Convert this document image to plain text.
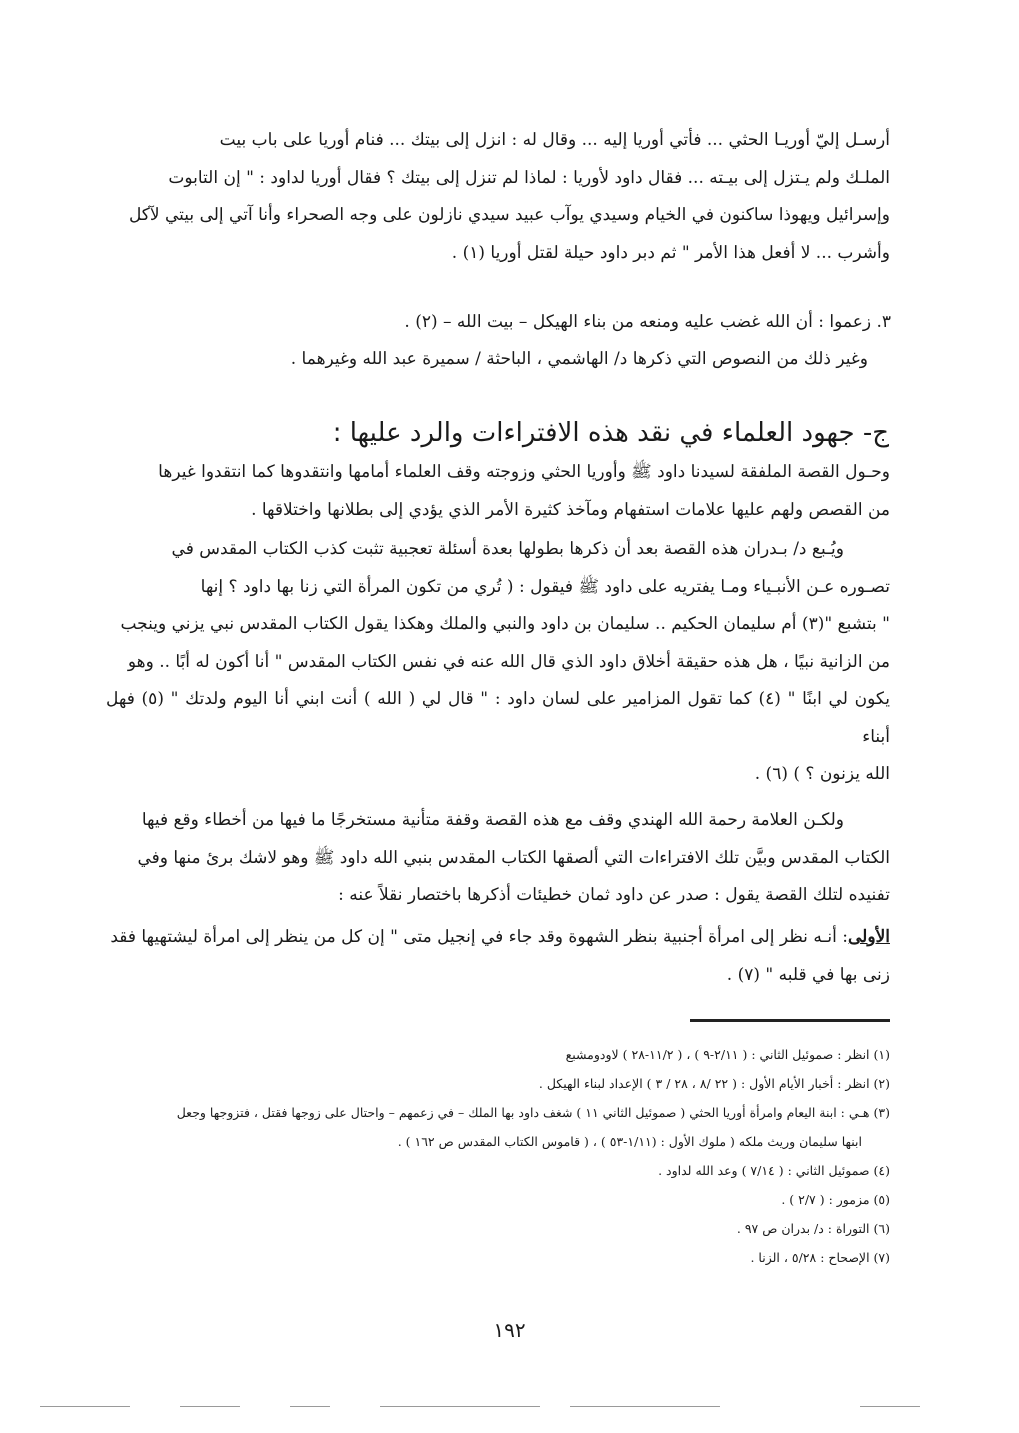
أرسـل إليّ أوريـا الحثي ... فأتي أوريا إليه ... وقال له : انزل إلى بيتك ... فنام أوريا على باب بيت

الملـك ولم يـتزل إلى بيـته ... فقال داود لأوريا : لماذا لم تنزل إلى بيتك ؟ فقال أوريا لداود : " إن التابوت

وإسرائيل ويهوذا ساكنون في الخيام وسيدي يوآب عبيد سيدي نازلون على وجه الصحراء وأنا آتي إلى بيتي لآكل

وأشرب ... لا أفعل هذا الأمر " ثم دبر داود حيلة لقتل أوريا (١) .

٣. زعموا : أن الله غضب عليه ومنعه من بناء الهيكل – بيت الله – (٢) .

وغير ذلك من النصوص التي ذكرها د/ الهاشمي ، الباحثة / سميرة عبد الله وغيرهما .

ج- جهود العلماء في نقد هذه الافتراءات والرد عليها :

وحـول القصة الملفقة لسيدنا داود ﷺ وأوريا الحثي وزوجته وقف العلماء أمامها وانتقدوها كما انتقدوا غيرها

من القصص ولهم عليها علامات استفهام ومآخذ كثيرة الأمر الذي يؤدي إلى بطلانها واختلاقها .

ويُـبع د/ بـدران هذه القصة بعد أن ذكرها بطولها بعدة أسئلة تعجبية تثبت كذب الكتاب المقدس في

تصـوره عـن الأنبـياء ومـا يفتريه على داود ﷺ فيقول : ( تُري من تكون المرأة التي زنا بها داود ؟ إنها

" بتشبع "(٣) أم سليمان الحكيم .. سليمان بن داود والنبي والملك وهكذا يقول الكتاب المقدس نبي يزني وينجب

من الزانية نبيًا ، هل هذه حقيقة أخلاق داود الذي قال الله عنه في نفس الكتاب المقدس " أنا أكون له أبًا .. وهو

يكون لي ابنًا " (٤) كما تقول المزامير على لسان داود : " قال لي ( الله ) أنت ابني أنا اليوم ولدتك " (٥) فهل أبناء

الله يزنون ؟ ) (٦) .

ولكـن العلامة رحمة الله الهندي وقف مع هذه القصة وقفة متأنية مستخرجًا ما فيها من أخطاء وقع فيها

الكتاب المقدس وبيَّن تلك الافتراءات التي ألصقها الكتاب المقدس بنبي الله داود ﷺ وهو لاشك برئ منها وفي

تفنيده لتلك القصة يقول : صدر عن داود ثمان خطيئات أذكرها باختصار نقلاً عنه :

الأولى: أنـه نظر إلى امرأة أجنبية بنظر الشهوة وقد جاء في إنجيل متى " إن كل من ينظر إلى امرأة ليشتهيها فقد

زنى بها في قلبه " (٧) .

(١) انظر : صموئيل الثاني : ( ٢/١١-٩ ) ، ( ١١/٢-٢٨ ) لاودومشبع
(٢) انظر : أخبار الأيام الأول : ( ٢٢ /٨ ، ٢٨ / ٣ ) الإعداد لبناء الهيكل .
(٣) هـي : ابنة اليعام وامرأة أوريا الحثي ( صموئيل الثاني ١١ ) شغف داود بها الملك – في زعمهم – واحتال على زوجها فقتل ، فتزوجها وجعل
ابنها سليمان وريث ملكه ( ملوك الأول : (١/١١-٥٣ ) ، ( قاموس الكتاب المقدس ص ١٦٢ ) .
(٤) صموئيل الثاني : ( ٧/١٤ ) وعد الله لداود .
(٥) مزمور : ( ٢/٧ ) .
(٦) التوراة : د/ بدران ص ٩٧ .
(٧) الإصحاح : ٥/٢٨ ، الزنا .
١٩٢
